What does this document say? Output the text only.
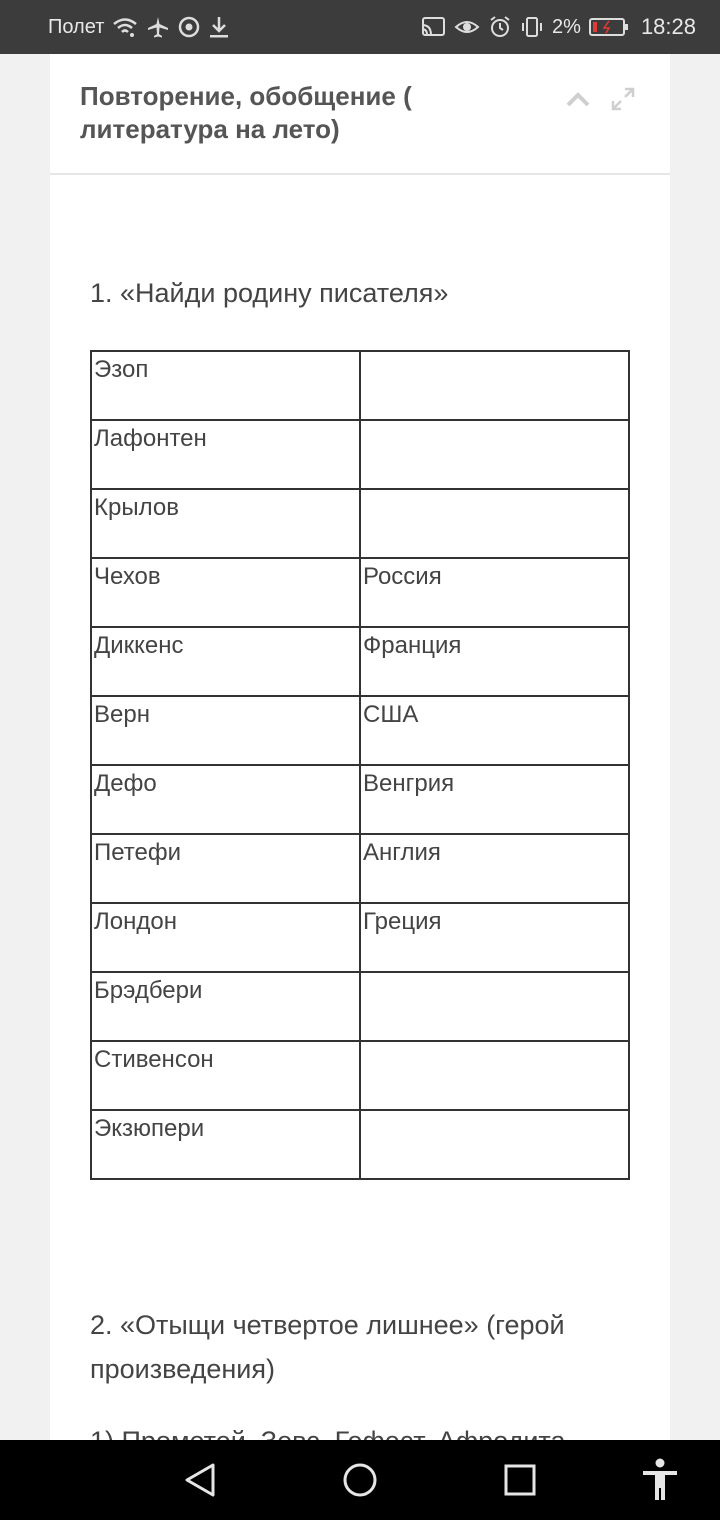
Полет	2%	18:28
Повторение, обобщение ( литература на лето)
1. «Найди родину писателя»
Эзоп	
Лафонтен	
Крылов	
Чехов	Россия
Диккенс	Франция
Верн	США
Дефо	Венгрия
Петефи	Англия
Лондон	Греция
Брэдбери	
Стивенсон	
Экзюпери	
2. «Отыщи четвертое лишнее» (герой произведения)
